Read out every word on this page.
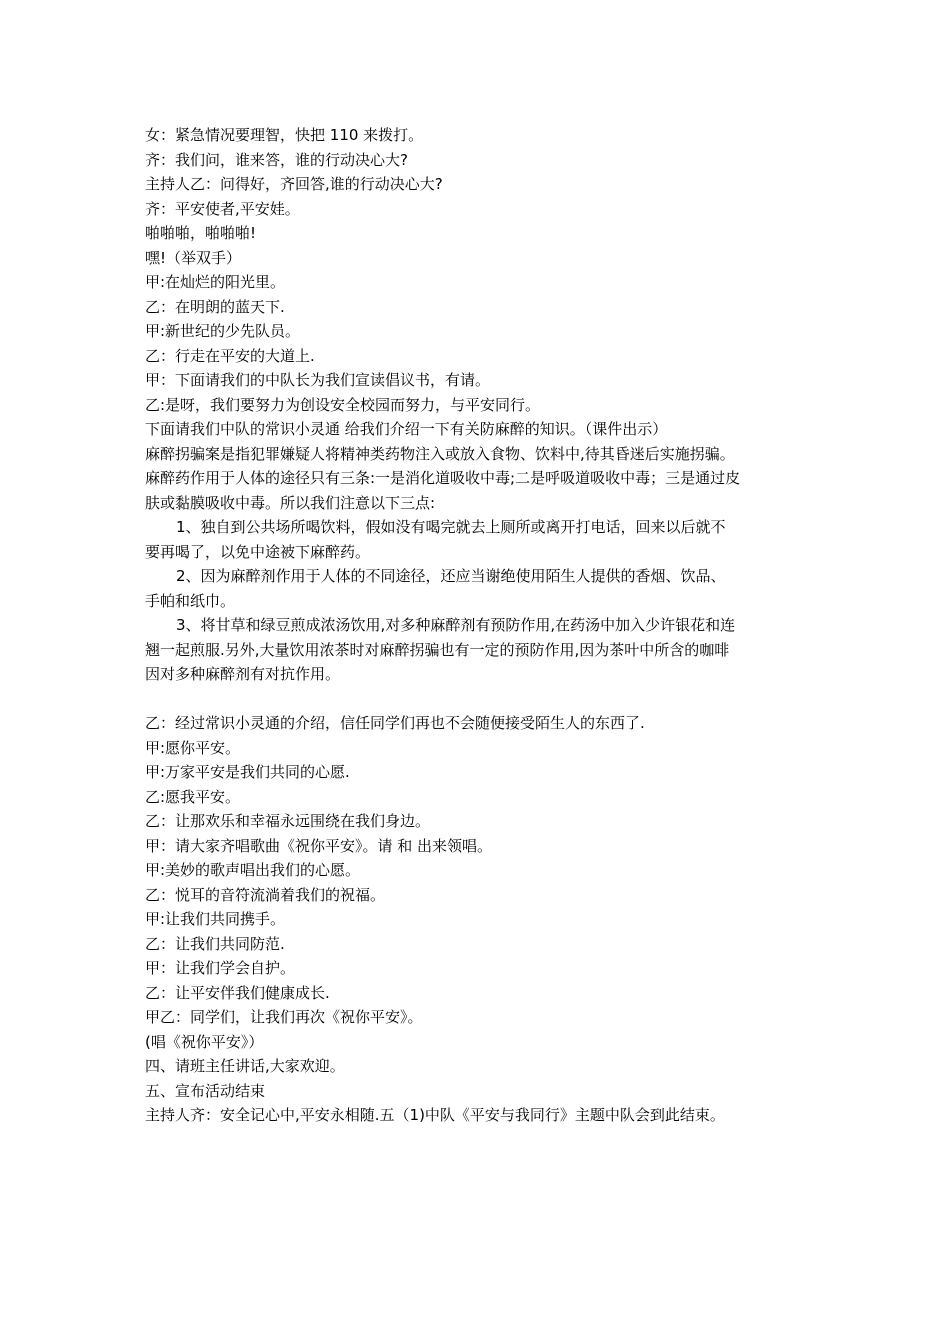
女：紧急情况要理智，快把 110 来拨打。
齐：我们问，谁来答，谁的行动决心大?
主持人乙：问得好，齐回答,谁的行动决心大?
齐：平安使者,平安娃。
啪啪啪，啪啪啪!
嘿!（举双手）
甲:在灿烂的阳光里。
乙：在明朗的蓝天下.
甲:新世纪的少先队员。
乙：行走在平安的大道上.
甲：下面请我们的中队长为我们宣读倡议书，有请。
乙:是呀，我们要努力为创设安全校园而努力，与平安同行。
下面请我们中队的常识小灵通 给我们介绍一下有关防麻醉的知识。（课件出示）
麻醉拐骗案是指犯罪嫌疑人将精神类药物注入或放入食物、饮料中,待其昏迷后实施拐骗。
麻醉药作用于人体的途径只有三条:一是消化道吸收中毒;二是呼吸道吸收中毒；三是通过皮
肤或黏膜吸收中毒。所以我们注意以下三点:
1、独自到公共场所喝饮料，假如没有喝完就去上厕所或离开打电话，回来以后就不
要再喝了，以免中途被下麻醉药。
2、因为麻醉剂作用于人体的不同途径，还应当谢绝使用陌生人提供的香烟、饮品、
手帕和纸巾。
3、将甘草和绿豆煎成浓汤饮用,对多种麻醉剂有预防作用,在药汤中加入少许银花和连
翘一起煎服.另外,大量饮用浓茶时对麻醉拐骗也有一定的预防作用,因为茶叶中所含的咖啡
因对多种麻醉剂有对抗作用。
乙：经过常识小灵通的介绍，信任同学们再也不会随便接受陌生人的东西了.
甲:愿你平安。
甲:万家平安是我们共同的心愿.
乙:愿我平安。
乙：让那欢乐和幸福永远围绕在我们身边。
甲：请大家齐唱歌曲《祝你平安》。请 和 出来领唱。
甲:美妙的歌声唱出我们的心愿。
乙：悦耳的音符流淌着我们的祝福。
甲:让我们共同携手。
乙：让我们共同防范.
甲：让我们学会自护。
乙：让平安伴我们健康成长.
甲乙：同学们，让我们再次《祝你平安》。
(唱《祝你平安》）
四、请班主任讲话,大家欢迎。
五、宣布活动结束
主持人齐：安全记心中,平安永相随.五（1)中队《平安与我同行》主题中队会到此结束。
